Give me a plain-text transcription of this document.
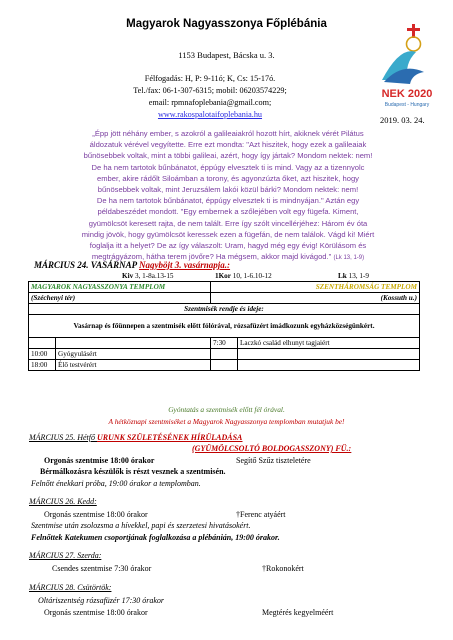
Magyarok Nagyasszonya Főplébánia
1153 Budapest, Bácska u. 3.
Félfogadás: H, P: 9-11ó; K, Cs: 15-17ó.
Tel./fax: 06-1-307-6315; mobil: 06203574229;
email: rpmnafoplebania@gmail.com;
www.rakospalotaifoplebania.hu
NEK 2020
Budapest - Hungary
2019. 03. 24.
„Épp jött néhány ember, s azokról a galileaiakról hozott hírt, akiknek vérét Pilátus
áldozatuk vérével vegyítette. Erre ezt mondta: "Azt hiszitek, hogy ezek a galileaiak
bűnösebbek voltak, mint a többi galileai, azért, hogy így jártak? Mondom nektek: nem!
De ha nem tartotok bűnbánatot, éppúgy elvesztek ti is mind. Vagy az a tizennyolc
ember, akire rádőlt Siloámban a torony, és agyonzúzta őket, azt hiszitek, hogy
bűnösebbek voltak, mint Jeruzsálem lakói közül bárki? Mondom nektek: nem!
De ha nem tartotok bűnbánatot, éppúgy elvesztek ti is mindnyájan." Aztán egy
példabeszédet mondott. "Egy embernek a szőlejében volt egy fügefa. Kiment,
gyümölcsöt keresett rajta, de nem talált. Erre így szólt vincellérjéhez: Három év óta
mindig jövök, hogy gyümölcsöt keressek ezen a fügefán, de nem találok. Vágd ki! Miért
foglalja itt a helyet? De az így válaszolt: Uram, hagyd még egy évig! Körülásom és
megtrágyázom, hátha terem jövőre? Ha mégsem, akkor majd kivágod." (Lk 13, 1-9)
MÁRCIUS 24. VASÁRNAP Nagyböjt 3. vasárnapja.:
Kiv 3, 1-8a.13-15	1Kor 10, 1-6.10-12	Lk 13, 1-9
MAGYAROK NAGYASSZONYA TEMPLOM		SZENTHÁROMSÁG TEMPLOM	
(Széchenyi tér)		(Kossuth u.)	
Szentmisék rendje és ideje:			
Vasárnap és főünnepen a szentmisék előtt fólórával, rózsafüzért imádkozunk egyházközségünkért.			
		7:30	Laczkó család elhunyt tagjaiért
10:00	Gyógyulásért		
18:00	Élő testvérért		
Gyóntatás a szentmisék előtt fél órával.
A hétköznapi szentmiséket a Magyarok Nagyasszonya templomban mutatjuk be!
MÁRCIUS 25. Hétfő URUNK SZÜLETÉSÉNEK HÍRÜLADÁSA
(GYÜMÖLCSOLTÓ BOLDOGASSZONY) FÜ.:
Orgonás szentmise 18:00 órakor	Segítő Szűz tiszteletére
Bérmálkozásra készülők is részt vesznek a szentmisén.
Felnőtt énekkari próba, 19:00 órakor a templomban.
MÁRCIUS 26. Kedd:
Orgonás szentmise 18:00 órakor	†Ferenc atyáért
Szentmise után zsolozsma a hívekkel, papi és szerzetesi hivatásokért.
Felnőttek Katekumen csoportjának foglalkozása a plébánián, 19:00 órakor.
MÁRCIUS 27. Szerda:
Csendes szentmise 7:30 órakor	†Rokonokért
MÁRCIUS 28. Csütörtök:
Oltáriszentség rózsafüzér 17:30 órakor
Orgonás szentmise 18:00 órakor	Megtérés kegyelméért
